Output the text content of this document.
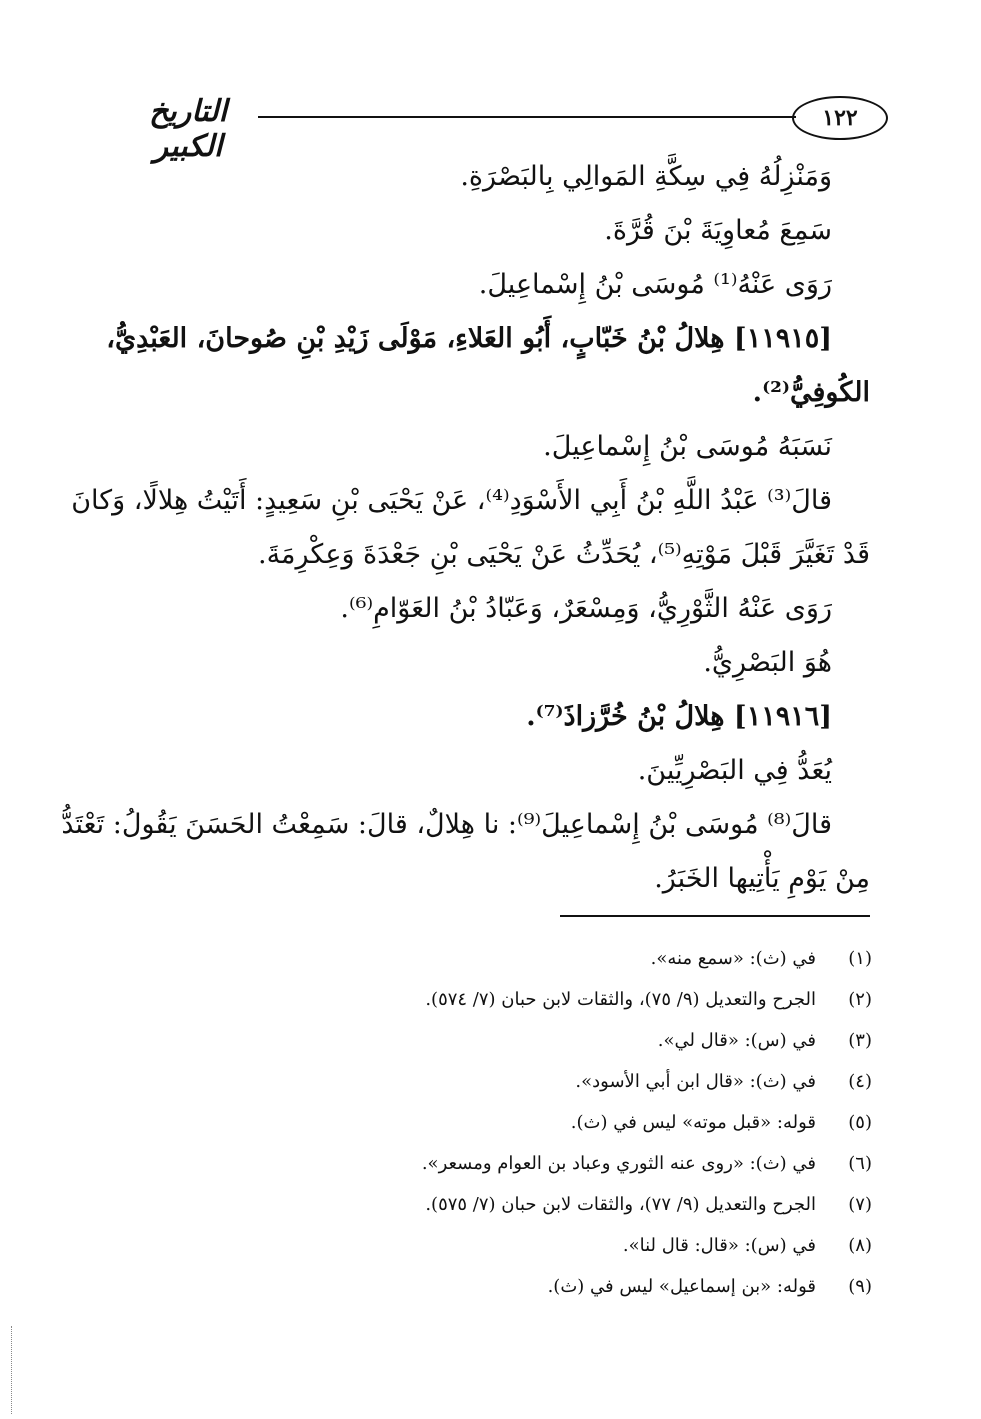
١٢٢
التاريخ الكبير
وَمَنْزِلُهُ فِي سِكَّةِ المَوالِي بِالبَصْرَةِ.
سَمِعَ مُعاوِيَةَ بْنَ قُرَّةَ.
رَوَى عَنْهُ⁽¹⁾ مُوسَى بْنُ إِسْماعِيلَ.
[١١٩١٥] هِلالُ بْنُ خَبّابٍ، أَبُو العَلاءِ، مَوْلَى زَيْدِ بْنِ صُوحانَ، العَبْدِيُّ،
الكُوفِيُّ⁽²⁾.
نَسَبَهُ مُوسَى بْنُ إِسْماعِيلَ.
قالَ⁽³⁾ عَبْدُ اللَّهِ بْنُ أَبِي الأَسْوَدِ⁽⁴⁾، عَنْ يَحْيَى بْنِ سَعِيدٍ: أَتَيْتُ هِلالًا، وَكانَ
قَدْ تَغَيَّرَ قَبْلَ مَوْتِهِ⁽⁵⁾، يُحَدِّثُ عَنْ يَحْيَى بْنِ جَعْدَةَ وَعِكْرِمَةَ.
رَوَى عَنْهُ الثَّوْرِيُّ، وَمِسْعَرٌ، وَعَبّادُ بْنُ العَوّامِ⁽⁶⁾.
هُوَ البَصْرِيُّ.
[١١٩١٦] هِلالُ بْنُ خُرَّزاذَ⁽⁷⁾.
يُعَدُّ فِي البَصْرِيِّينَ.
قالَ⁽⁸⁾ مُوسَى بْنُ إِسْماعِيلَ⁽⁹⁾: نا هِلالٌ، قالَ: سَمِعْتُ الحَسَنَ يَقُولُ: تَعْتَدُّ
مِنْ يَوْمِ يَأْتِيها الخَبَرُ.
(١)في (ث): «سمع منه».
(٢)الجرح والتعديل (٩/ ٧٥)، والثقات لابن حبان (٧/ ٥٧٤).
(٣)في (س): «قال لي».
(٤)في (ث): «قال ابن أبي الأسود».
(٥)قوله: «قبل موته» ليس في (ث).
(٦)في (ث): «روى عنه الثوري وعباد بن العوام ومسعر».
(٧)الجرح والتعديل (٩/ ٧٧)، والثقات لابن حبان (٧/ ٥٧٥).
(٨)في (س): «قال: قال لنا».
(٩)قوله: «بن إسماعيل» ليس في (ث).
